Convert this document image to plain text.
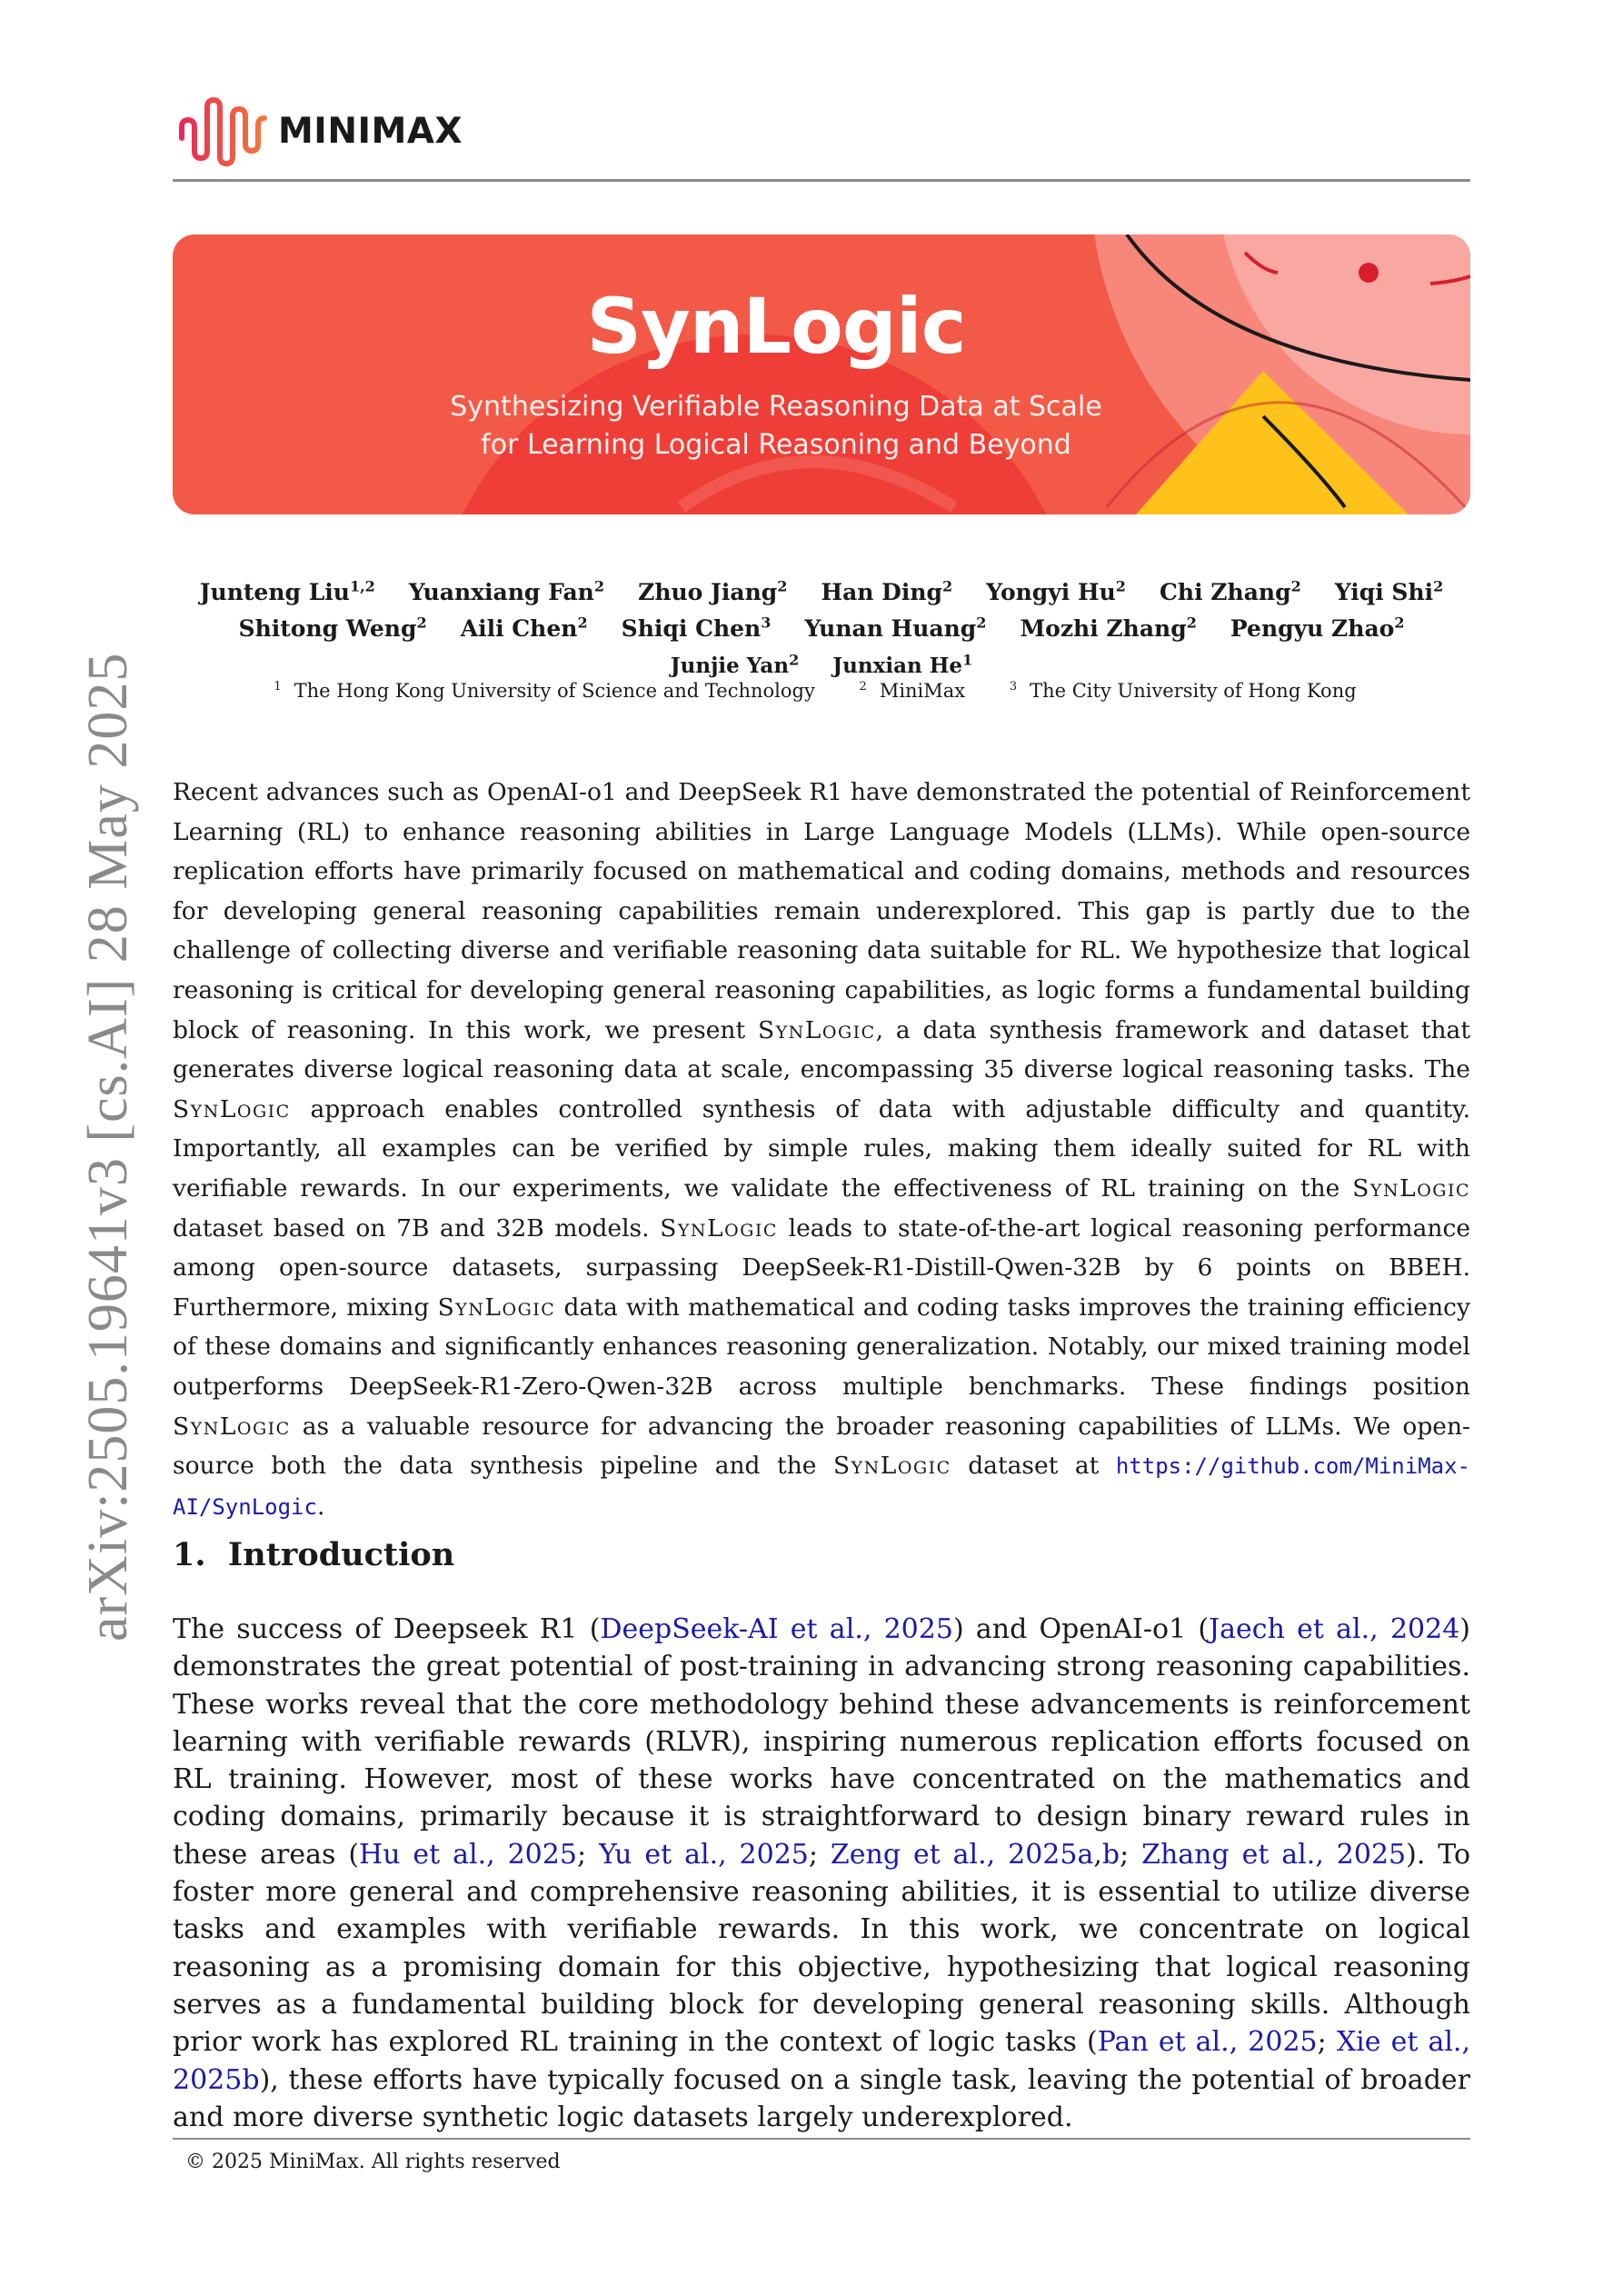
arXiv:2505.19641v3 [cs.AI] 28 May 2025
MINIMAX
SynLogic
Synthesizing Verifiable Reasoning Data at Scale
for Learning Logical Reasoning and Beyond
Junteng Liu$^{1,2}$ Yuanxiang Fan$^2$ Zhuo Jiang$^2$ Han Ding$^2$ Yongyi Hu$^2$ Chi Zhang$^2$ Yiqi Shi$^2$
Shitong Weng$^2$ Aili Chen$^2$ Shiqi Chen$^3$ Yunan Huang$^2$ Mozhi Zhang$^2$ Pengyu Zhao$^2$
Junjie Yan$^2$ Junxian He$^1$
$^1$ The Hong Kong University of Science and Technology	$^2$ MiniMax	$^3$ The City University of Hong Kong
Recent advances such as OpenAI-o1 and DeepSeek R1 have demonstrated the potential of Reinforcement Learning (RL) to enhance reasoning abilities in Large Language Models (LLMs). While open-source replication efforts have primarily focused on mathematical and coding domains, methods and resources for developing general reasoning capabilities remain underexplored. This gap is partly due to the challenge of collecting diverse and verifiable reasoning data suitable for RL. We hypothesize that logical reasoning is critical for developing general reasoning capabilities, as logic forms a fundamental building block of reasoning. In this work, we present SynLogic, a data synthesis framework and dataset that generates diverse logical reasoning data at scale, encompassing 35 diverse logical reasoning tasks. The SynLogic approach enables controlled synthesis of data with adjustable difficulty and quantity. Importantly, all examples can be verified by simple rules, making them ideally suited for RL with verifiable rewards. In our experiments, we validate the effectiveness of RL training on the SynLogic dataset based on 7B and 32B models. SynLogic leads to state-of-the-art logical reasoning performance among open-source datasets, surpassing DeepSeek-R1-Distill-Qwen-32B by 6 points on BBEH. Furthermore, mixing SynLogic data with mathematical and coding tasks improves the training efficiency of these domains and significantly enhances reasoning generalization. Notably, our mixed training model outperforms DeepSeek-R1-Zero-Qwen-32B across multiple benchmarks. These findings position SynLogic as a valuable resource for advancing the broader reasoning capabilities of LLMs. We open-source both the data synthesis pipeline and the SynLogic dataset at https://github.com/MiniMax-AI/SynLogic.
1. Introduction
The success of Deepseek R1 (DeepSeek-AI et al., 2025) and OpenAI-o1 (Jaech et al., 2024) demonstrates the great potential of post-training in advancing strong reasoning capabilities. These works reveal that the core methodology behind these advancements is reinforcement learning with verifiable rewards (RLVR), inspiring numerous replication efforts focused on RL training. However, most of these works have concentrated on the mathematics and coding domains, primarily because it is straightforward to design binary reward rules in these areas (Hu et al., 2025; Yu et al., 2025; Zeng et al., 2025a,b; Zhang et al., 2025). To foster more general and comprehensive reasoning abilities, it is essential to utilize diverse tasks and examples with verifiable rewards. In this work, we concentrate on logical reasoning as a promising domain for this objective, hypothesizing that logical reasoning serves as a fundamental building block for developing general reasoning skills. Although prior work has explored RL training in the context of logic tasks (Pan et al., 2025; Xie et al., 2025b), these efforts have typically focused on a single task, leaving the potential of broader and more diverse synthetic logic datasets largely underexplored.
© 2025 MiniMax. All rights reserved
